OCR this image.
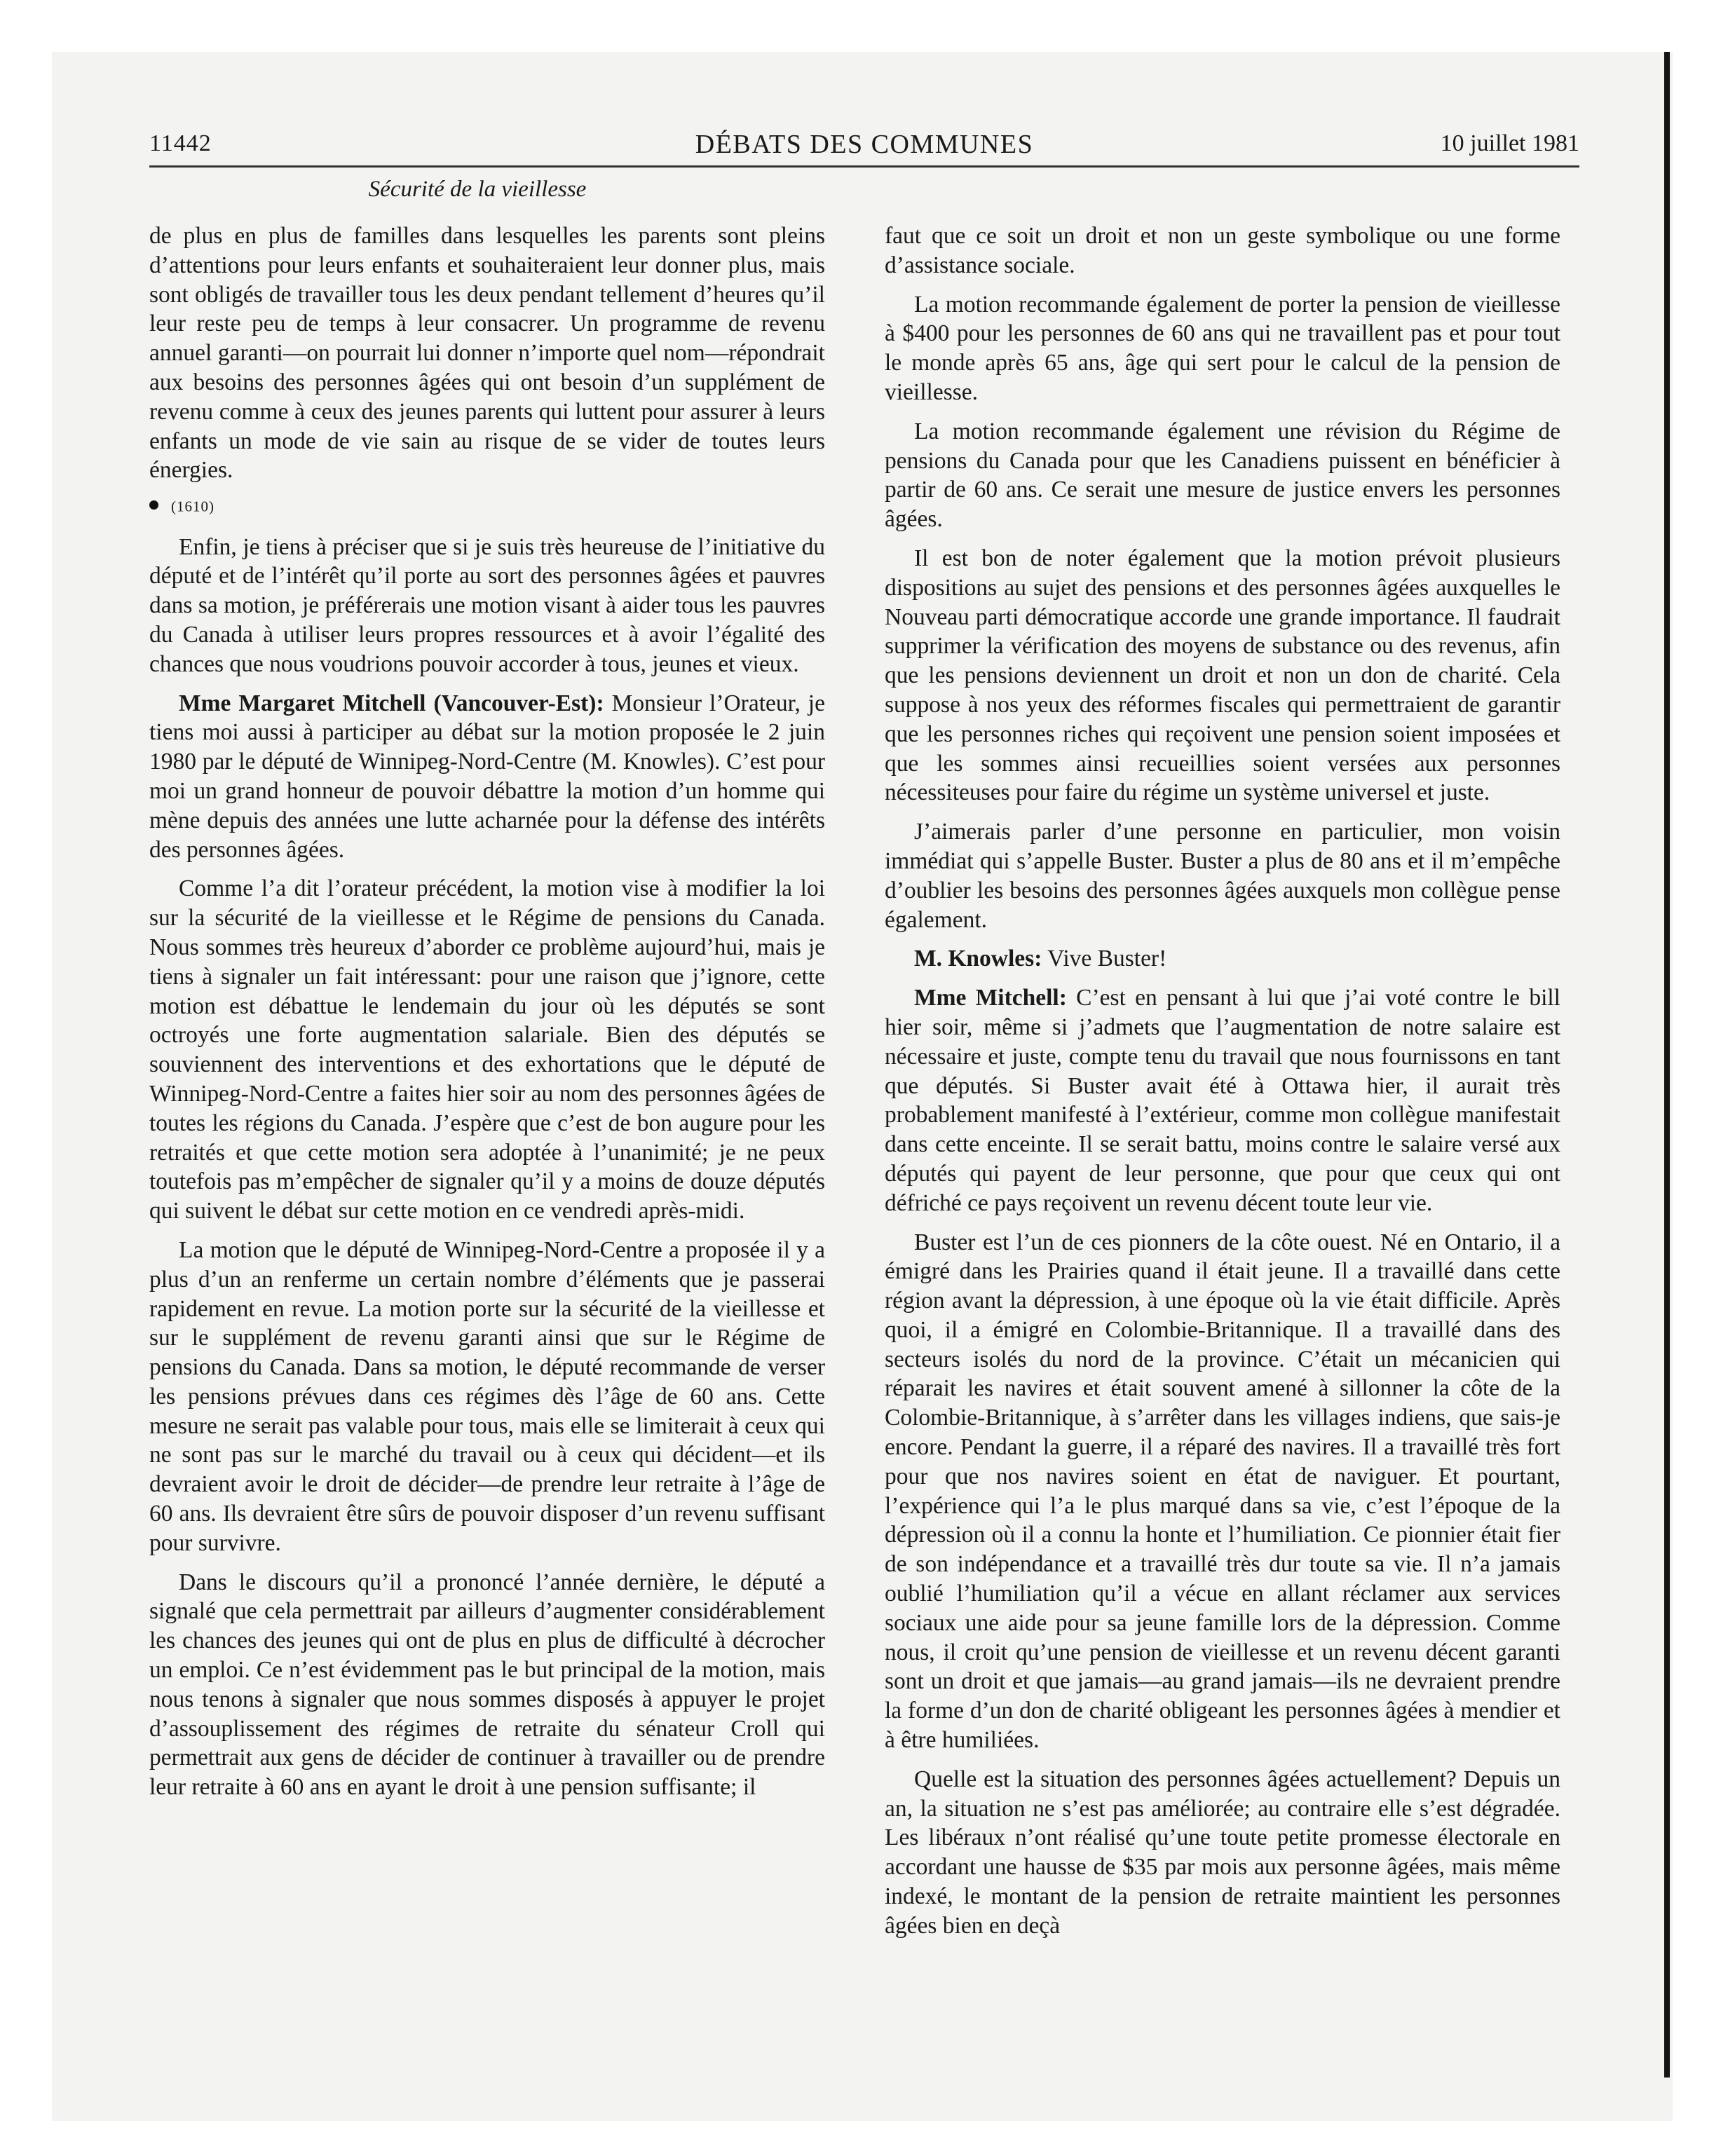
11442	DÉBATS DES COMMUNES	10 juillet 1981
Sécurité de la vieillesse

de plus en plus de familles dans lesquelles les parents sont pleins d’attentions pour leurs enfants et souhaiteraient leur donner plus, mais sont obligés de travailler tous les deux pendant tellement d’heures qu’il leur reste peu de temps à leur consacrer. Un programme de revenu annuel garanti—on pourrait lui donner n’importe quel nom—répondrait aux besoins des personnes âgées qui ont besoin d’un supplément de revenu comme à ceux des jeunes parents qui luttent pour assurer à leurs enfants un mode de vie sain au risque de se vider de toutes leurs énergies.

(1610)

Enfin, je tiens à préciser que si je suis très heureuse de l’initiative du député et de l’intérêt qu’il porte au sort des personnes âgées et pauvres dans sa motion, je préférerais une motion visant à aider tous les pauvres du Canada à utiliser leurs propres ressources et à avoir l’égalité des chances que nous voudrions pouvoir accorder à tous, jeunes et vieux.

Mme Margaret Mitchell (Vancouver-Est): Monsieur l’Orateur, je tiens moi aussi à participer au débat sur la motion proposée le 2 juin 1980 par le député de Winnipeg-Nord-Centre (M. Knowles). C’est pour moi un grand honneur de pouvoir débattre la motion d’un homme qui mène depuis des années une lutte acharnée pour la défense des intérêts des personnes âgées.

Comme l’a dit l’orateur précédent, la motion vise à modifier la loi sur la sécurité de la vieillesse et le Régime de pensions du Canada. Nous sommes très heureux d’aborder ce problème aujourd’hui, mais je tiens à signaler un fait intéressant: pour une raison que j’ignore, cette motion est débattue le lendemain du jour où les députés se sont octroyés une forte augmentation salariale. Bien des députés se souviennent des interventions et des exhortations que le député de Winnipeg-Nord-Centre a faites hier soir au nom des personnes âgées de toutes les régions du Canada. J’espère que c’est de bon augure pour les retraités et que cette motion sera adoptée à l’unanimité; je ne peux toutefois pas m’empêcher de signaler qu’il y a moins de douze députés qui suivent le débat sur cette motion en ce vendredi après-midi.

La motion que le député de Winnipeg-Nord-Centre a proposée il y a plus d’un an renferme un certain nombre d’éléments que je passerai rapidement en revue. La motion porte sur la sécurité de la vieillesse et sur le supplément de revenu garanti ainsi que sur le Régime de pensions du Canada. Dans sa motion, le député recommande de verser les pensions prévues dans ces régimes dès l’âge de 60 ans. Cette mesure ne serait pas valable pour tous, mais elle se limiterait à ceux qui ne sont pas sur le marché du travail ou à ceux qui décident—et ils devraient avoir le droit de décider—de prendre leur retraite à l’âge de 60 ans. Ils devraient être sûrs de pouvoir disposer d’un revenu suffisant pour survivre.

Dans le discours qu’il a prononcé l’année dernière, le député a signalé que cela permettrait par ailleurs d’augmenter considérablement les chances des jeunes qui ont de plus en plus de difficulté à décrocher un emploi. Ce n’est évidemment pas le but principal de la motion, mais nous tenons à signaler que nous sommes disposés à appuyer le projet d’assouplissement des régimes de retraite du sénateur Croll qui permettrait aux gens de décider de continuer à travailler ou de prendre leur retraite à 60 ans en ayant le droit à une pension suffisante; il

faut que ce soit un droit et non un geste symbolique ou une forme d’assistance sociale.

La motion recommande également de porter la pension de vieillesse à $400 pour les personnes de 60 ans qui ne travaillent pas et pour tout le monde après 65 ans, âge qui sert pour le calcul de la pension de vieillesse.

La motion recommande également une révision du Régime de pensions du Canada pour que les Canadiens puissent en bénéficier à partir de 60 ans. Ce serait une mesure de justice envers les personnes âgées.

Il est bon de noter également que la motion prévoit plusieurs dispositions au sujet des pensions et des personnes âgées auxquelles le Nouveau parti démocratique accorde une grande importance. Il faudrait supprimer la vérification des moyens de substance ou des revenus, afin que les pensions deviennent un droit et non un don de charité. Cela suppose à nos yeux des réformes fiscales qui permettraient de garantir que les personnes riches qui reçoivent une pension soient imposées et que les sommes ainsi recueillies soient versées aux personnes nécessiteuses pour faire du régime un système universel et juste.

J’aimerais parler d’une personne en particulier, mon voisin immédiat qui s’appelle Buster. Buster a plus de 80 ans et il m’empêche d’oublier les besoins des personnes âgées auxquels mon collègue pense également.

M. Knowles: Vive Buster!

Mme Mitchell: C’est en pensant à lui que j’ai voté contre le bill hier soir, même si j’admets que l’augmentation de notre salaire est nécessaire et juste, compte tenu du travail que nous fournissons en tant que députés. Si Buster avait été à Ottawa hier, il aurait très probablement manifesté à l’extérieur, comme mon collègue manifestait dans cette enceinte. Il se serait battu, moins contre le salaire versé aux députés qui payent de leur personne, que pour que ceux qui ont défriché ce pays reçoivent un revenu décent toute leur vie.

Buster est l’un de ces pionners de la côte ouest. Né en Ontario, il a émigré dans les Prairies quand il était jeune. Il a travaillé dans cette région avant la dépression, à une époque où la vie était difficile. Après quoi, il a émigré en Colombie-Britannique. Il a travaillé dans des secteurs isolés du nord de la province. C’était un mécanicien qui réparait les navires et était souvent amené à sillonner la côte de la Colombie-Britannique, à s’arrêter dans les villages indiens, que sais-je encore. Pendant la guerre, il a réparé des navires. Il a travaillé très fort pour que nos navires soient en état de naviguer. Et pourtant, l’expérience qui l’a le plus marqué dans sa vie, c’est l’époque de la dépression où il a connu la honte et l’humiliation. Ce pionnier était fier de son indépendance et a travaillé très dur toute sa vie. Il n’a jamais oublié l’humiliation qu’il a vécue en allant réclamer aux services sociaux une aide pour sa jeune famille lors de la dépression. Comme nous, il croit qu’une pension de vieillesse et un revenu décent garanti sont un droit et que jamais—au grand jamais—ils ne devraient prendre la forme d’un don de charité obligeant les personnes âgées à mendier et à être humiliées.

Quelle est la situation des personnes âgées actuellement? Depuis un an, la situation ne s’est pas améliorée; au contraire elle s’est dégradée. Les libéraux n’ont réalisé qu’une toute petite promesse électorale en accordant une hausse de $35 par mois aux personne âgées, mais même indexé, le montant de la pension de retraite maintient les personnes âgées bien en deçà
